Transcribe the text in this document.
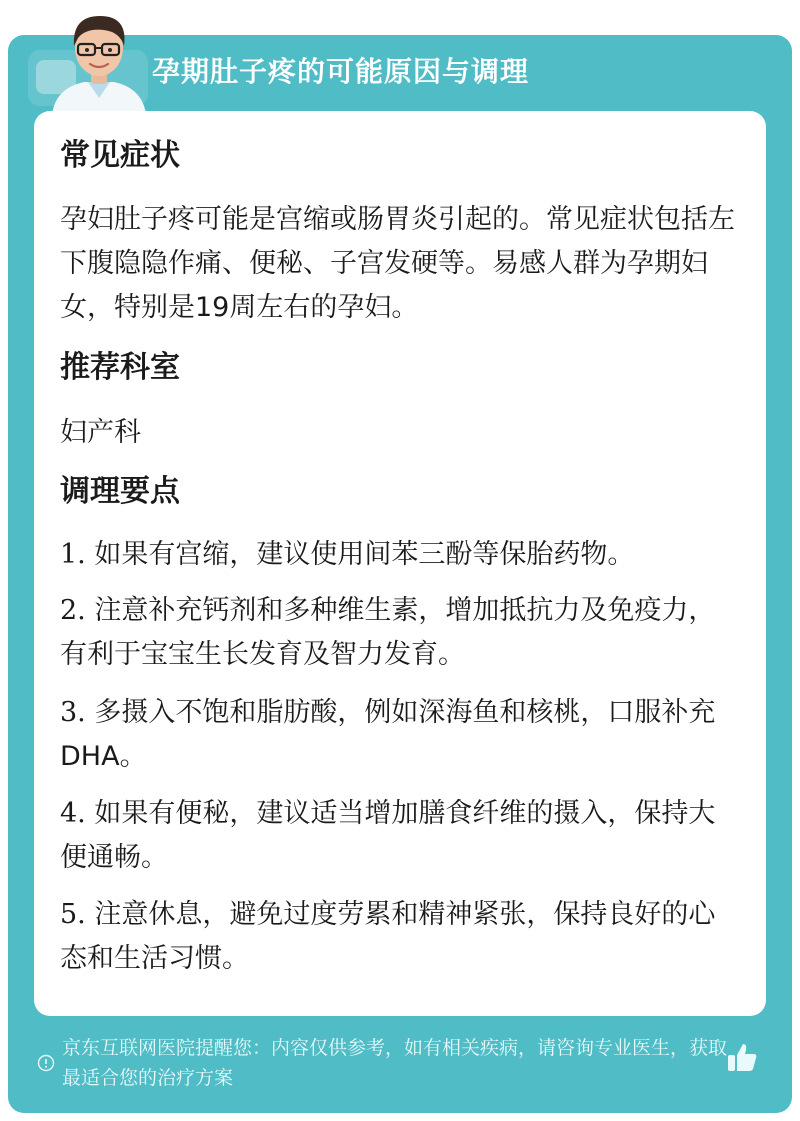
孕期肚子疼的可能原因与调理

常见症状

孕妇肚子疼可能是宫缩或肠胃炎引起的。常见症状包括左下腹隐隐作痛、便秘、子宫发硬等。易感人群为孕期妇女，特别是19周左右的孕妇。

推荐科室

妇产科

调理要点

1. 如果有宫缩，建议使用间苯三酚等保胎药物。

2. 注意补充钙剂和多种维生素，增加抵抗力及免疫力，有利于宝宝生长发育及智力发育。

3. 多摄入不饱和脂肪酸，例如深海鱼和核桃，口服补充DHA。

4. 如果有便秘，建议适当增加膳食纤维的摄入，保持大便通畅。

5. 注意休息，避免过度劳累和精神紧张，保持良好的心态和生活习惯。

京东互联网医院提醒您：内容仅供参考，如有相关疾病，请咨询专业医生，获取最适合您的治疗方案
